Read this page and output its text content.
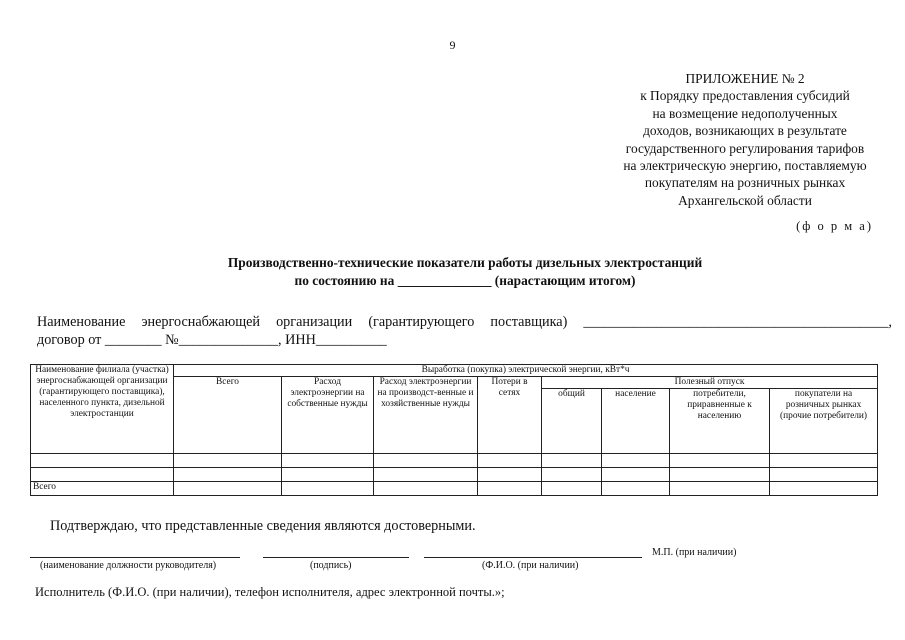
9
ПРИЛОЖЕНИЕ № 2
к Порядку предоставления субсидий
на возмещение недополученных
доходов, возникающих в результате
государственного регулирования тарифов
на электрическую энергию, поставляемую
покупателям на розничных рынках
Архангельской области
(ф о р м а)
Производственно-технические показатели работы дизельных электростанций
по состоянию на ______________ (нарастающим итогом)
Наименование энергоснабжающей организации (гарантирующего поставщика) ___________________________________________,
договор от ________ №______________, ИНН__________
Наименование филиала (участка) энергоснабжающей организации (гарантирующего поставщика), населенного пункта, дизельной электростанции	Выработка (покупка) электрической энергии, кВт*ч							
	Всего	Расход электроэнергии на собственные нужды	Расход электроэнергии на производст-венные и хозяйственные нужды	Потери в сетях	Полезный отпуск			
					общий	население	потребители, приравненные к населению	покупатели на розничных рынках (прочие потребители)

Всего								
Подтверждаю, что представленные сведения являются достоверными.
(наименование должности руководителя)	(подпись)	(Ф.И.О. (при наличии)
М.П. (при наличии)
Исполнитель (Ф.И.О. (при наличии), телефон исполнителя, адрес электронной почты.»;
